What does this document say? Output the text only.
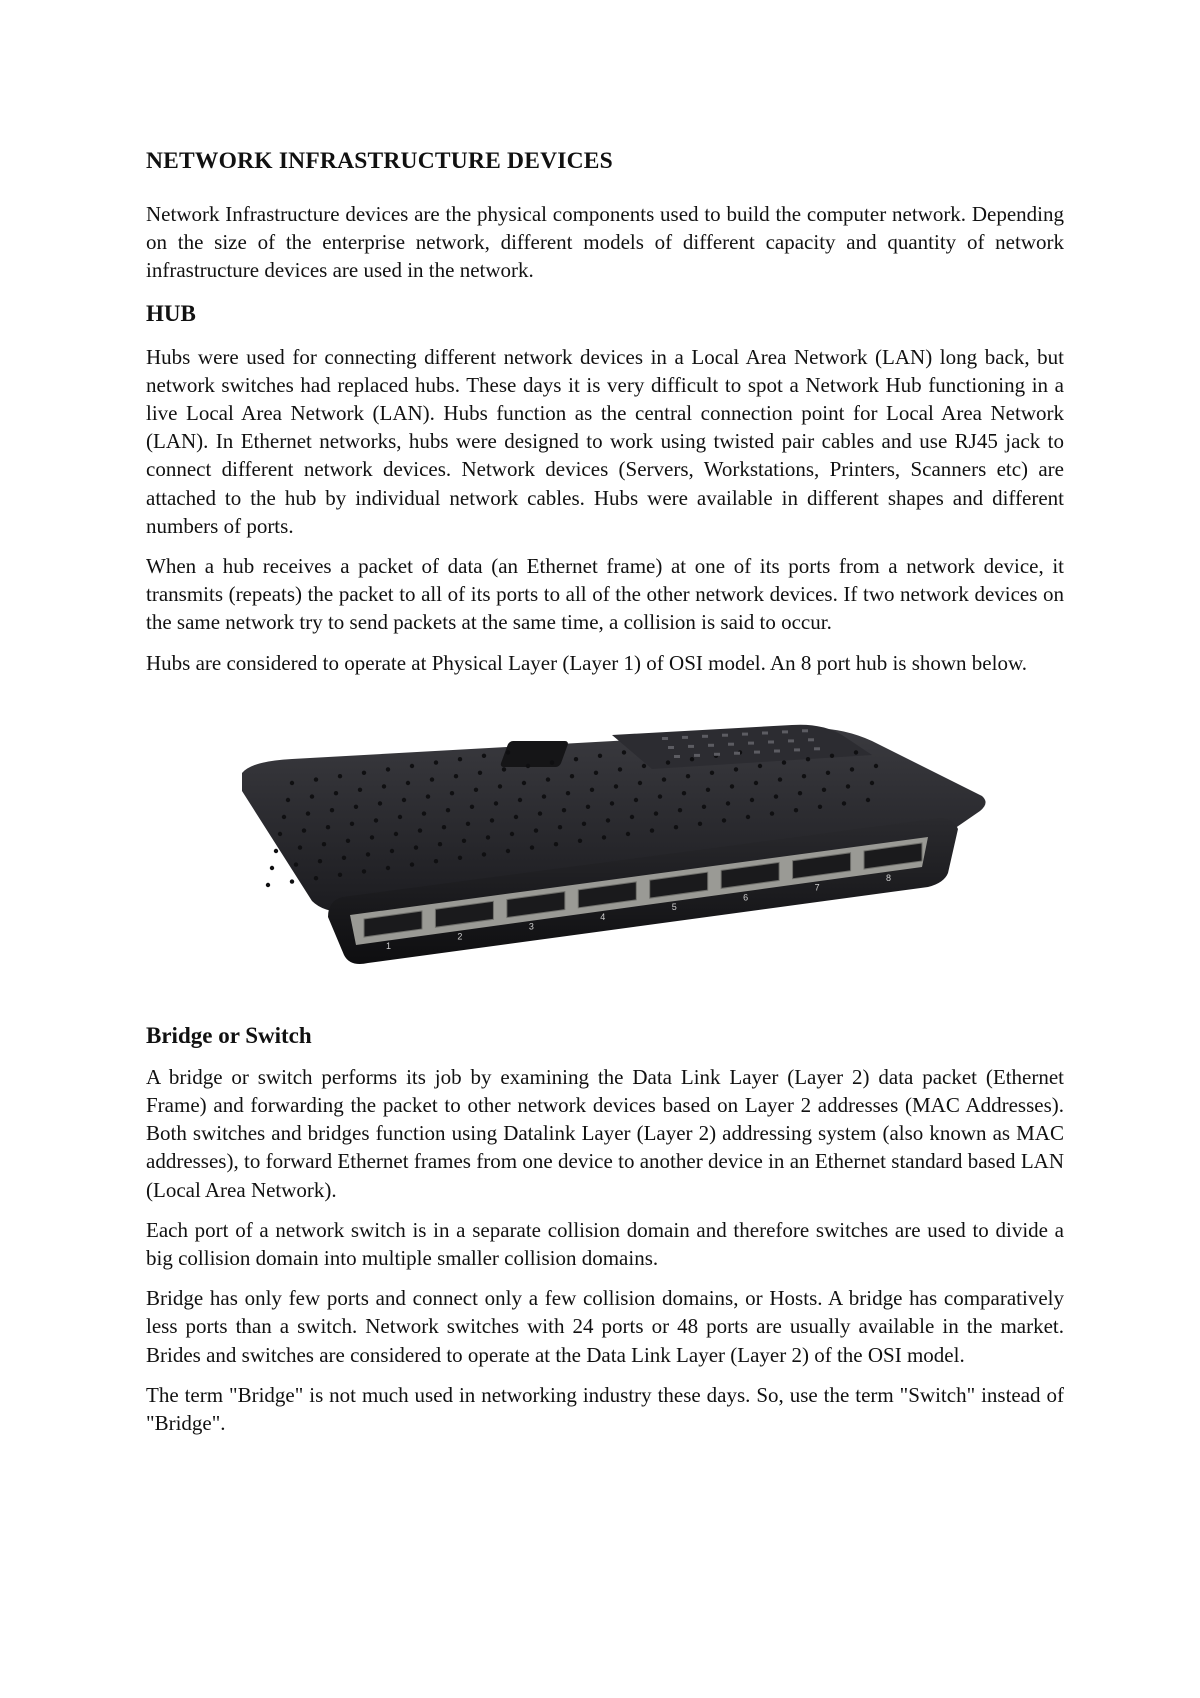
NETWORK INFRASTRUCTURE DEVICES

Network Infrastructure devices are the physical components used to build the computer network. Depending on the size of the enterprise network, different models of different capacity and quantity of network infrastructure devices are used in the network.

HUB

Hubs were used for connecting different network devices in a Local Area Network (LAN) long back, but network switches had replaced hubs. These days it is very difficult to spot a Network Hub functioning in a live Local Area Network (LAN). Hubs function as the central connection point for Local Area Network (LAN). In Ethernet networks, hubs were designed to work using twisted pair cables and use RJ45 jack to connect different network devices. Network devices (Servers, Workstations, Printers, Scanners etc) are attached to the hub by individual network cables. Hubs were available in different shapes and different numbers of ports.

When a hub receives a packet of data (an Ethernet frame) at one of its ports from a network device, it transmits (repeats) the packet to all of its ports to all of the other network devices. If two network devices on the same network try to send packets at the same time, a collision is said to occur.

Hubs are considered to operate at Physical Layer (Layer 1) of OSI model. An 8 port hub is shown below.

1
2
3
4
5
6
7
8
Bridge or Switch

A bridge or switch performs its job by examining the Data Link Layer (Layer 2) data packet (Ethernet Frame) and forwarding the packet to other network devices based on Layer 2 addresses (MAC Addresses). Both switches and bridges function using Datalink Layer (Layer 2) addressing system (also known as MAC addresses), to forward Ethernet frames from one device to another device in an Ethernet standard based LAN (Local Area Network).

Each port of a network switch is in a separate collision domain and therefore switches are used to divide a big collision domain into multiple smaller collision domains.

Bridge has only few ports and connect only a few collision domains, or Hosts. A bridge has comparatively less ports than a switch. Network switches with 24 ports or 48 ports are usually available in the market. Brides and switches are considered to operate at the Data Link Layer (Layer 2) of the OSI model.

The term "Bridge" is not much used in networking industry these days. So, use the term "Switch" instead of "Bridge".
